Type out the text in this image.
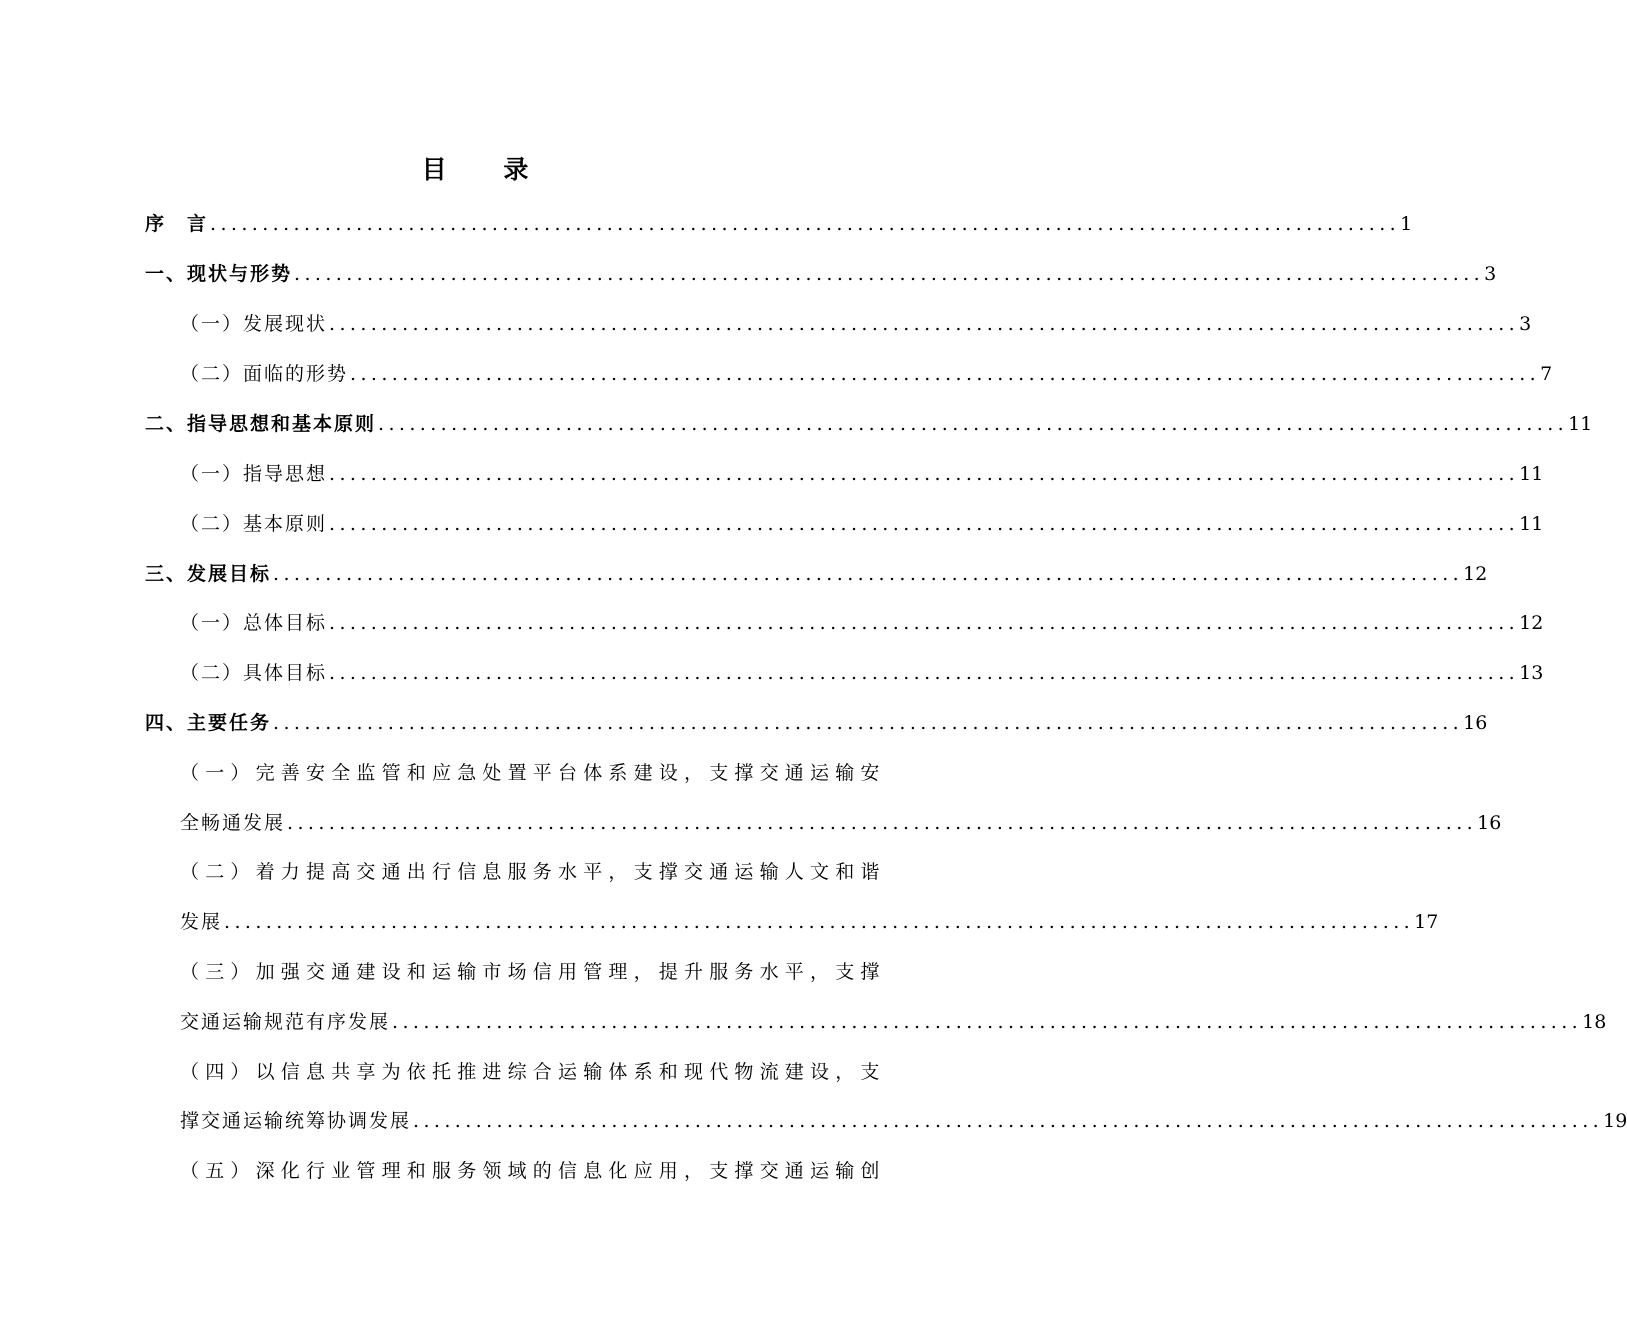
目 录
序　言 .................................................................................................................. 1
一、现状与形势 .................................................................................................................. 3
（一）发展现状 .................................................................................................................. 3
（二）面临的形势 .................................................................................................................. 7
二、指导思想和基本原则 .................................................................................................................. 11
（一）指导思想 .................................................................................................................. 11
（二）基本原则 .................................................................................................................. 11
三、发展目标 .................................................................................................................. 12
（一）总体目标 .................................................................................................................. 12
（二）具体目标 .................................................................................................................. 13
四、主要任务 .................................................................................................................. 16
（一）完善安全监管和应急处置平台体系建设，支撑交通运输安
全畅通发展 .................................................................................................................. 16
（二）着力提高交通出行信息服务水平，支撑交通运输人文和谐
发展 .................................................................................................................. 17
（三）加强交通建设和运输市场信用管理，提升服务水平，支撑
交通运输规范有序发展 .................................................................................................................. 18
（四）以信息共享为依托推进综合运输体系和现代物流建设，支
撑交通运输统筹协调发展 .................................................................................................................. 19
（五）深化行业管理和服务领域的信息化应用，支撑交通运输创
